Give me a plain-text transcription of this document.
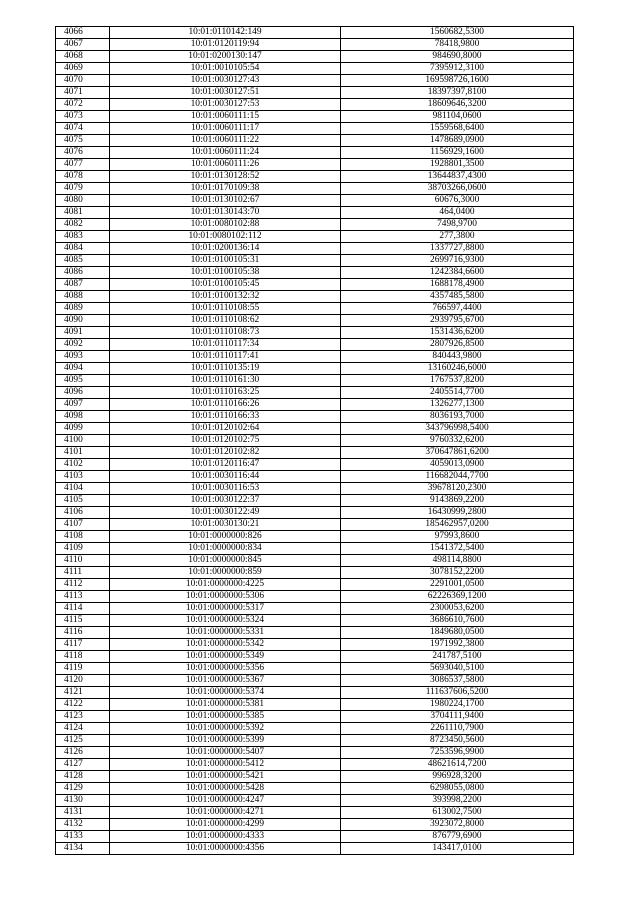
4066	10:01:0110142:149	1560682,5300
4067	10:01:0120119:94	78418,9800
4068	10:01:0200130:147	984690,8000
4069	10:01:0010105:54	7395912,3100
4070	10:01:0030127:43	169598726,1600
4071	10:01:0030127:51	18397397,8100
4072	10:01:0030127:53	18609646,3200
4073	10:01:0060111:15	981104,0600
4074	10:01:0060111:17	1559568,6400
4075	10:01:0060111:22	1478689,0900
4076	10:01:0060111:24	1156929,1600
4077	10:01:0060111:26	1928801,3500
4078	10:01:0130128:52	13644837,4300
4079	10:01:0170109:38	38703266,0600
4080	10:01:0130102:67	60676,3000
4081	10:01:0130143:70	464,0400
4082	10:01:0080102:88	7498,9700
4083	10:01:0080102:112	277,3800
4084	10:01:0200136:14	1337727,8800
4085	10:01:0100105:31	2699716,9300
4086	10:01:0100105:38	1242384,6600
4087	10:01:0100105:45	1688178,4900
4088	10:01:0100132:32	4357485,5800
4089	10:01:0110108:55	766597,4400
4090	10:01:0110108:62	2939795,6700
4091	10:01:0110108:73	1531436,6200
4092	10:01:0110117:34	2807926,8500
4093	10:01:0110117:41	840443,9800
4094	10:01:0110135:19	13160246,6000
4095	10:01:0110161:30	1767537,8200
4096	10:01:0110163:25	2405514,7700
4097	10:01:0110166:26	1326277,1300
4098	10:01:0110166:33	8036193,7000
4099	10:01:0120102:64	343796998,5400
4100	10:01:0120102:75	9760332,6200
4101	10:01:0120102:82	370647861,6200
4102	10:01:0120116:47	4059013,0900
4103	10:01:0030116:44	116682044,7700
4104	10:01:0030116:53	39678120,2300
4105	10:01:0030122:37	9143869,2200
4106	10:01:0030122:49	16430999,2800
4107	10:01:0030130:21	185462957,0200
4108	10:01:0000000:826	97993,8600
4109	10:01:0000000:834	1541372,5400
4110	10:01:0000000:845	498114,8800
4111	10:01:0000000:859	3078152,2200
4112	10:01:0000000:4225	2291001,0500
4113	10:01:0000000:5306	62226369,1200
4114	10:01:0000000:5317	2300053,6200
4115	10:01:0000000:5324	3686610,7600
4116	10:01:0000000:5331	1849680,0500
4117	10:01:0000000:5342	1971992,3800
4118	10:01:0000000:5349	241787,5100
4119	10:01:0000000:5356	5693040,5100
4120	10:01:0000000:5367	3086537,5800
4121	10:01:0000000:5374	111637606,5200
4122	10:01:0000000:5381	1980224,1700
4123	10:01:0000000:5385	3704111,9400
4124	10:01:0000000:5392	2261110,7900
4125	10:01:0000000:5399	8723450,5600
4126	10:01:0000000:5407	7253596,9900
4127	10:01:0000000:5412	48621614,7200
4128	10:01:0000000:5421	996928,3200
4129	10:01:0000000:5428	6298055,0800
4130	10:01:0000000:4247	393998,2200
4131	10:01:0000000:4271	613002,7500
4132	10:01:0000000:4299	3923072,8000
4133	10:01:0000000:4333	876779,6900
4134	10:01:0000000:4356	143417,0100
